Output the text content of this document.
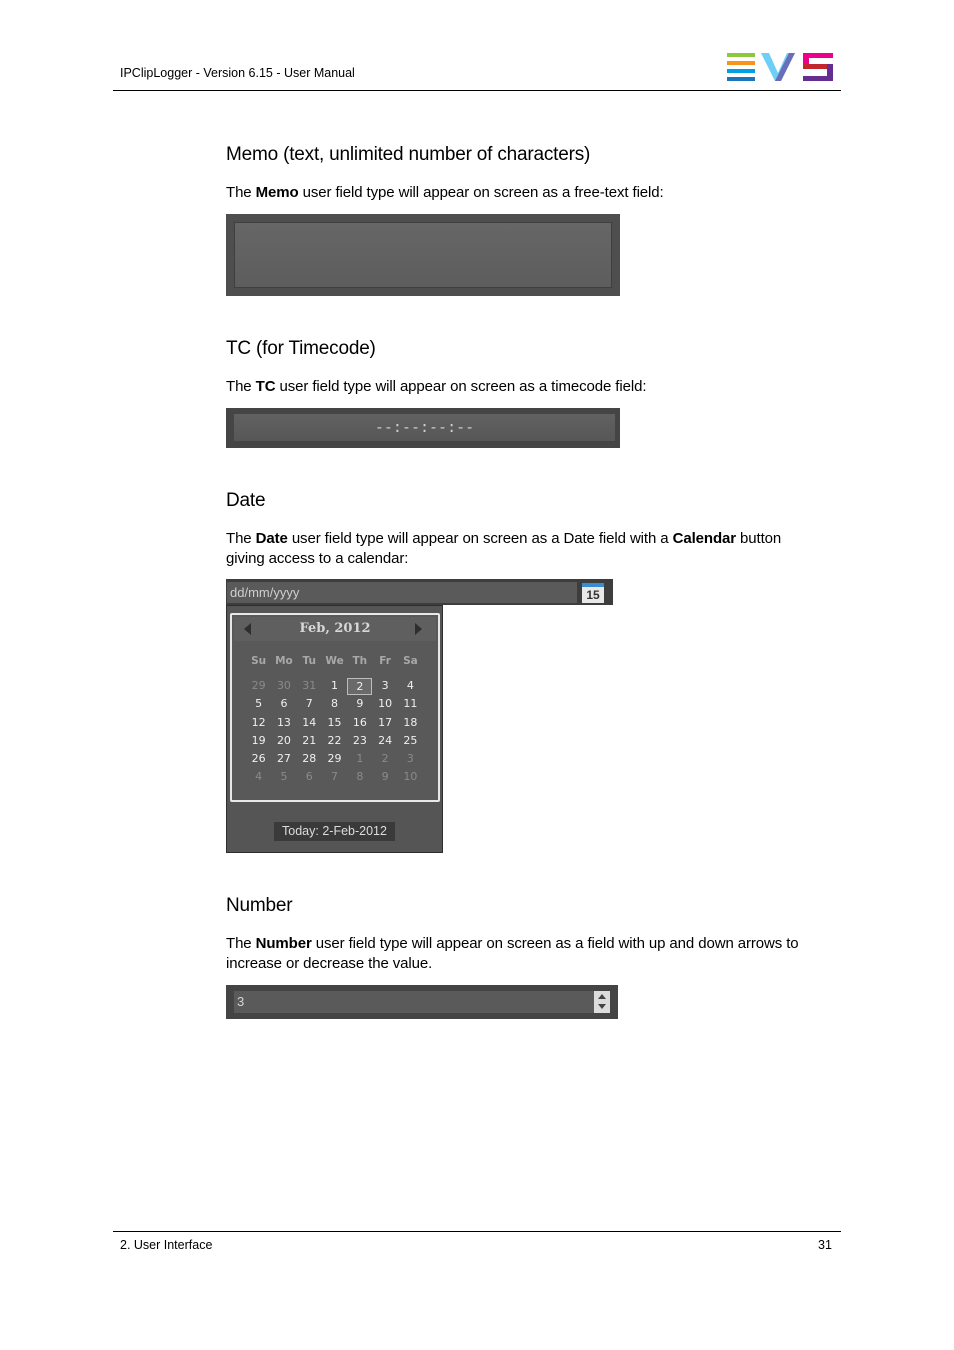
IPClipLogger - Version 6.15 - User Manual
Memo (text, unlimited number of characters)

The Memo user field type will appear on screen as a free-text field:

TC (for Timecode)

The TC user field type will appear on screen as a timecode field:

--:--:--:--
Date

The Date user field type will appear on screen as a Date field with a Calendar button
giving access to a calendar:

dd/mm/yyyy	15
Feb, 2012
Su Mo Tu We Th	Fr	Sa
29	30	31	1	2	3	4
5	6	7	8	9	10	11
12	13	14	15	16	17	18
19	20	21	22	23	24	25
26	27	28	29	1	2	3
4	5	6	7	8	9	10
Today: 2-Feb-2012
Number

The Number user field type will appear on screen as a field with up and down arrows to
increase or decrease the value.

3
2. User Interface	31
